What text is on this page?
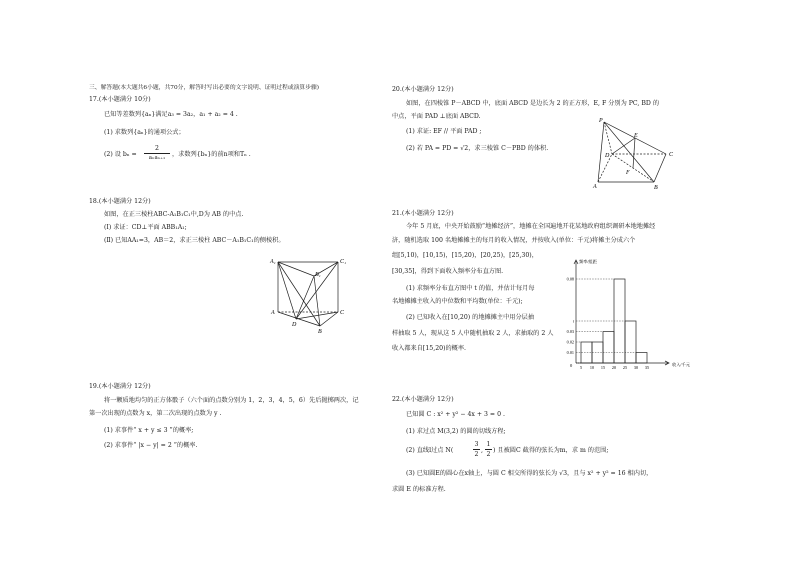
三、解答题(本大题共6小题，共70分，解答时写出必要的文字说明、证明过程或演算步骤)
17.(本小题满分 10分)
已知等差数列{aₙ}满足a₃ = 3a₂，a₁ + a₂ = 4 .
(1) 求数列{aₙ}的通项公式；
(2) 设 bₙ =
2
aₙaₙ₊₁	，求数列{bₙ}的前n项和Tₙ .
18.(本小题满分 12分)
如图，在正三棱柱ABC-A₁B₁C₁中,D为 AB 的中点.
(Ⅰ) 求证：CD⊥平面 ABB₁A₁;
(Ⅱ) 已知AA₁=3，AB＝2，求正三棱柱 ABC－A₁B₁C₁的侧棱积。
A₁	C₁
B₁
A	C
D
B
19.(本小题满分 12分)
将一颗质地均匀的正方体骰子（六个面的点数分别为 1，2，3，4，5，6）先后抛掷两次，记
第一次出现的点数为 x，第二次出现的点数为 y .
(1) 求事件“ x + y ≤ 3 ”的概率;
(2) 求事件“ |x − y| = 2 ”的概率.
20.(本小题满分 12分)
如图，在四棱锥 P－ABCD 中，底面 ABCD 是边长为 2 的正方形，E, F 分别为 PC, BD 的
中点，平面 PAD ⊥底面 ABCD.
(1) 求证: EF // 平面 PAD ;
(2) 若 PA = PD = √2，求三棱锥 C－PBD 的体积.
P
E
D	C
F
A	B
21.(本小题满分 12分)
今年 5 月底，中央开始鼓励“地摊经济”，地摊在全国遍地开花某地政府组织调研本地地摊经
济，随机选取 100 名地摊摊主的每月的收入情况，并按收入(单位：千元)将摊主分成六个
组[5,10)，[10,15)，[15,20)，[20,25)，[25,30)，
[30,35]，得到下面收入频率分布直方图.
(1) 求频率分布直方图中 t 的值，并估计每月每
名地摊摊主收入的中位数和平均数(单位：千元);
(2) 已知收入在[10,20) 的地摊摊主中用分层抽
样抽取 5 人，现从这 5 人中随机抽取 2 人，求抽取的 2 人
收入都来自[15,20)的概率.
频率/组距
收入/千元
0
0.08
t
0.03
0.02
0.01
5 10 15 20 25 30 35
22.(本小题满分 12分)
已知圆 C : x² + y² − 4x + 3 = 0 .
(1) 求过点 M(3,2) 的圆的切线方程;
(2) 直线l过点 N(
3
2
,
1
2
) 且被圆C 截得的弦长为m，求 m 的范围;
(3) 已知圆E的圆心在x轴上，与圆 C 相交所得的弦长为 √3，且与 x² + y² = 16 相内切，
求圆 E 的标准方程.
